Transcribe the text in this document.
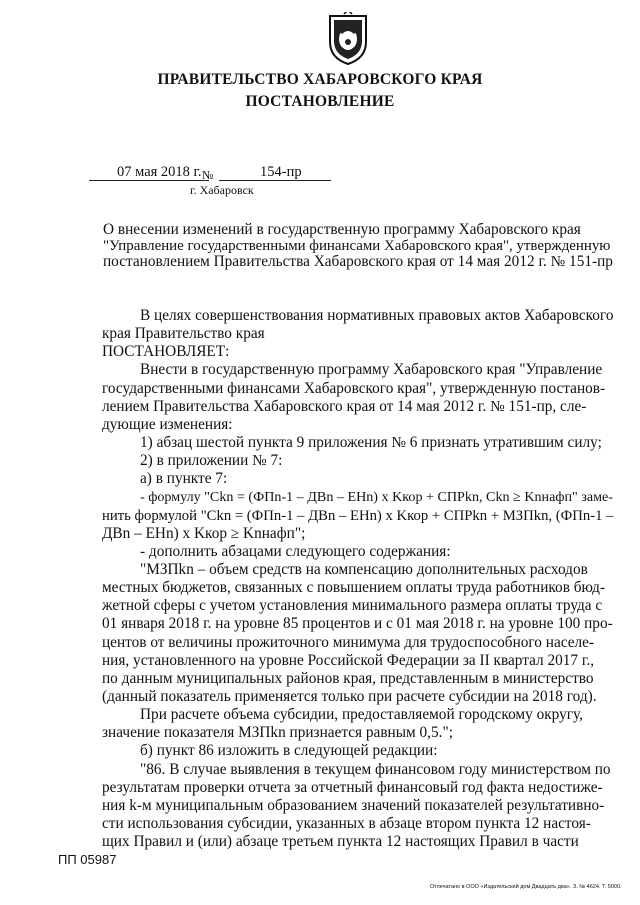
ПРАВИТЕЛЬСТВО ХАБАРОВСКОГО КРАЯ
ПОСТАНОВЛЕНИЕ
07 мая 2018 г. №	154-пр
г. Хабаровск
О внесении изменений в государственную программу Хабаровского края
"Управление государственными финансами Хабаровского края", утвержденную
постановлением Правительства Хабаровского края от 14 мая 2012 г. № 151-пр
В целях совершенствования нормативных правовых актов Хабаровского
края Правительство края
ПОСТАНОВЛЯЕТ:
Внести в государственную программу Хабаровского края "Управление
государственными финансами Хабаровского края", утвержденную постанов-
лением Правительства Хабаровского края от 14 мая 2012 г. № 151-пр, сле-
дующие изменения:
1) абзац шестой пункта 9 приложения № 6 признать утратившим силу;
2) в приложении № 7:
а) в пункте 7:
- формулу "Ckn = (ФПn-1 – ДВn – ЕНn) x Kкор + СПРkn, Ckn ≥ Knнафп" заме-
нить формулой "Ckn = (ФПn-1 – ДВn – ЕНn) x Kкор + СПРkn + МЗПkn, (ФПn-1 –
ДВn – ЕНn) x Kкор ≥ Knнафп";
- дополнить абзацами следующего содержания:
"МЗПkn – объем средств на компенсацию дополнительных расходов
местных бюджетов, связанных с повышением оплаты труда работников бюд-
жетной сферы с учетом установления минимального размера оплаты труда с
01 января 2018 г. на уровне 85 процентов и с 01 мая 2018 г. на уровне 100 про-
центов от величины прожиточного минимума для трудоспособного населе-
ния, установленного на уровне Российской Федерации за II квартал 2017 г.,
по данным муниципальных районов края, представленным в министерство
(данный показатель применяется только при расчете субсидии на 2018 год).
При расчете объема субсидии, предоставляемой городскому округу,
значение показателя МЗПkn признается равным 0,5.";
б) пункт 86 изложить в следующей редакции:
"86. В случае выявления в текущем финансовом году министерством по
результатам проверки отчета за отчетный финансовый год факта недостиже-
ния k-м муниципальным образованием значений показателей результативно-
сти использования субсидии, указанных в абзаце втором пункта 12 настоя-
щих Правил и (или) абзаце третьем пункта 12 настоящих Правил в части
ПП 05987
Отпечатано в ООО «Издательский дом Двадцать два». З. № 4624. Т. 5000.
